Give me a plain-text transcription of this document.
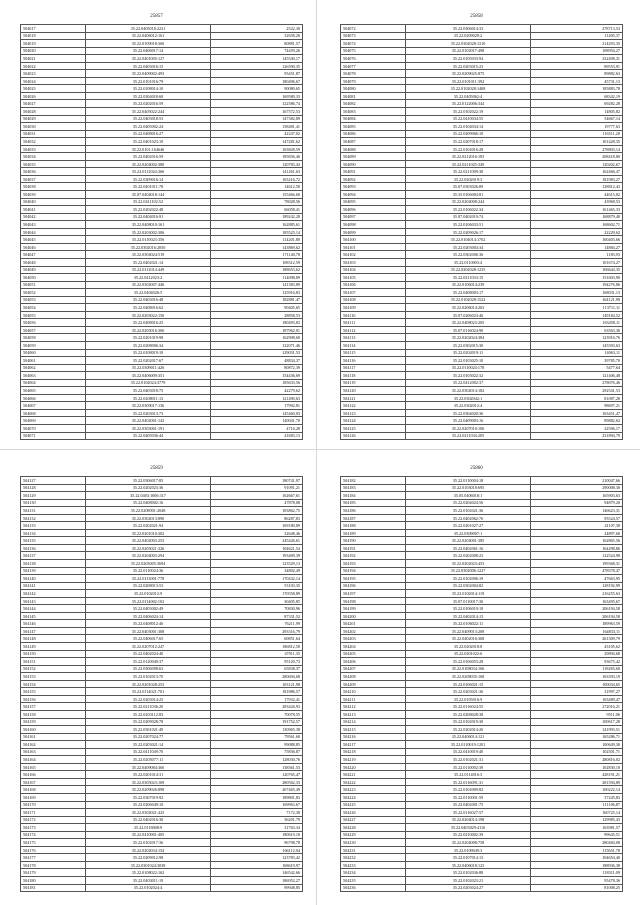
25857
504017	35.22.0405018:2221	2522,30
504018	35.22.0406012:161	32658,26
504019	35.22.0109018:360	80881,57
504020	35.22.0406017:14	74459,26
504021	35.22.0401005:127	145540,17
504022	35.22.0403016:15	126590,35
504023	35.22.0409002:493	95451,87
504024	35.22.0101016:79	180496,67
504025	35.22.0108014:10	90080,65
504026	35.22.0304018:60	169580,33
504027	35.22.0202016:59	122586,74
504028	35.22.0405022:244	167572,53
504029	35.22.0403018:53	147382,89
504030	35.22.0405002:24	158481,41
504031	35.22.0408016:27	42247,02
504032	35.22.0401023:10	147281,62
504033	35.22.0101:164646	165828,59
504034	35.22.0402016:59	185836,46
504035	35.22.0204002:380	120783,43
504036	35.22.0112024:366	141261,63
504037	35.22.0309016:14	165216,72
504038	35.22.0401011:78	14612,58
504039	35.07.0404018:144	155466,60
504040	35.22.0411102:52	78028,56
504041	35.22.0202022:48	66058,41
504042	35.22.0404016:91	189242,28
504043	35.22.0408010:161	162885,61
504044	35.22.0203002:306	185525,14
504045	35.22.0110023:356	114201,80
504046	35.22.0302016:2050	143869,62
504047	35.22.0304024:519	171140,78
504048	35.22.0402021:14	108312,59
504049	35.22.0112014:449	188653,62
504050	35.22.0412023:2	114098,89
504051	35.22.0302007:446	141383,89
504052	35.22.0404026:5	125916,83
504053	35.22.0403016:48	182881,47
504054	35.22.0408016:62	90405,65
504055	35.22.0203022:150	28858,53
504056	35.22.0408016:25	180493,83
504057	35.22.0205016:306	187962,01
504058	35.22.0201019:98	162908,60
504059	35.22.0208006:34	122071,46
504060	35.22.0108019:10	129031,53
504061	35.22.0202017:67	48834,37
504062	35.22.0309011:426	80872,39
504063	35.22.0406009:351	154436,69
504064	35.22.0102024:3779	185633,56
504065	35.22.0403018:75	42279,62
504066	35.22.0208011:13	121490,63
504067	35.22.0309017:136	17992,81
504068	35.22.0203013:73	145460,03
504069	35.22.0402001:143	140041,70
504070	35.22.0303001:191	4716,28
504071	35.22.0405036:44	41683,13
25858
504072	35.22.0306014:33	278713,53
504073	35.22.0209029:2	11405,37
504074	35.22.0302028:1310	214293,35
504075	35.22.0102017:498	108954,27
504076	35.22.0105033:94	232498,31
504077	35.22.0203015:23	89553,91
504078	35.22.0209025:875	89882,63
504079	35.22.0101011:392	45731,13
504080	35.22.0102028:1468	185883,78
504081	35.22.0405062:4	68342,19
504082	35.22.0122006:344	69282,28
504083	35.22.0102022:19	14805,82
504084	35.22.0410034:55	54667,14
504085	35.22.0104034:14	19777,63
504086	35.22.0209066:10	116511,20
504087	35.22.0207018:17	101428,35
504088	35.22.0102016:28	278803,14
504089	35.22.0212016:183	208418,80
504090	35.22.0211025:349	120202,67
504091	35.22.0211009:30	162466,47
504092	35.22.0202019:3	181983,27
504093	35.07.0303026:89	128812,43
504094	35.35.0106004:81	44615,02
504095	35.22.0204008:244	43968,53
504096	35.22.0106022:34	161465,33
504097	35.07.0402019:74	168879,40
504098	35.22.0106033:51	168602,71
504099	35.22.0209026:17	22229,62
504100	35.22.0104014:1702	160403,66
504101	35.22.0203004:34	14884,27
504102	35.22.0302006:36	1183,93
504103	35.22.0110003:4	101674,27
504104	35.22.0202028:1235	106644,35
504105	35.22.0211033:15	151603,90
504106	35.22.0106014:239	194276,86
504107	35.22.0408003:17	168031,13
504108	35.22.0102028:1522	164121,90
504109	35.22.0206014:263	113711,11
504110	35.07.0206023:46	149184,52
504111	35.22.0408023:205	163458,11
504112	35.07.0116024:90	63563,36
504113	35.22.0202024:384	123916,76
504114	35.22.0302015:30	145393,63
504115	35.22.0202019:11	14063,11
504116	35.22.0103025:10	39785,70
504117	35.22.0110024:178	5477,64
504118	35.22.0103022:32	121406,48
504119	35.22.0412002:37	278076,46
504120	35.22.0302014:182	292541,53
504121	35.22.0302042:1	81087,28
504122	35.22.0302012:4	98697,21
504123	35.22.0304020:36	163451,47
504124	35.22.0409003:16	89882,62
504125	35.22.0207010:106	22596,17
504126	35.22.0211034:205	231894,79
25859
504127	35.22.0306017:85	180741,97
504128	35.22.0202023:36	91091,21
504129	35.22.0403:1006:317	162667,61
504130	35.22.0408002:16	47878,08
504131	35.22.0208001:2048	183862,75
504132	35.22.0302013:890	86287,83
504133	35.22.0202021:94	169180,89
504134	35.22.0201010:302	32648,46
504135	35.22.0402003:253	245426,61
504136	35.22.0205021:326	104621,54
504137	35.22.0204003:294	193409,39
504138	35.22.0203005:3694	123529,13
504139	35.22.0110024:36	34802,49
504140	35.22.0113001:778	170432,14
504141	35.22.0208013:53	53103,35
504142	35.22.0102012:9	170558,89
504143	35.22.0114002:102	30405,85
504144	35.22.0403002:49	70830,96
504145	35.22.0406024:14	87331,52
504146	35.22.0408012:46	76211,99
504147	35.22.0403001:308	293316,79
504148	35.22.0406017:65	60851,64
504149	35.22.0207012:247	186812,58
504150	35.22.0402024:40	47911,35
504151	35.22.0120049:37	95120,73
504152	35.22.0306098:63	65838,37
504153	35.22.0102013:70	280694,68
504154	35.22.0201028:253	103121,98
504155	35.22.0114021:701	181886,57
504156	35.22.0203014:25	17932,41
504157	35.22.0211036:20	283426,93
504158	35.22.0203112:83	70078,55
504159	35.22.0209028:78	191752,57
504160	35.22.0301021:49	130965,38
504161	35.22.0207024:77	79561,60
504162	35.22.0203021:14	99088,85
504163	35.22.0411049:70	75836,87
504164	35.22.0205077:11	128030,76
504165	35.22.0409084:360	138361,53
504166	35.22.0201014:31	120765,47
504167	35.22.0305023:169	280562,33
504168	35.22.0209026:898	207465,49
504169	35.22.0307019:92	189801,83
504170	35.22.0206049:10	169963,67
504171	35.22.0302021:423	7172,38
504172	35.22.0402016:30	36201,79
504173	35.22.0118008:9	31763,34
504174	35.22.0410001:405	180619,18
504175	35.22.0102017:36	96798,78
504176	35.22.0202034:154	166112,04
504177	35.22.0209012:98	123783,42
504178	35.22.0301024:3038	168619,97
504179	35.22.0108022:162	146542,66
504180	35.22.0403011:19	186952,27
504181	35.22.0102024:4	99948,85
25860
504182	35.22.0110004:18	210047,66
504183	35.22.0103018:695	290008,30
504184	35.05.0406018:1	165903,63
504185	35.22.0204024:56	94879,20
504186	35.22.0102021:36	146623,31
504187	35.22.0402062:76	95524,57
504188	35.22.0201027:27	41107,38
504189	35.22.0309007:1	24897,60
504190	35.22.0204001:385	162865,56
504191	35.22.0402061:16	164298,86
504192	35.22.0202008:23	122524,98
504193	35.22.0202023:453	199368,31
504194	35.22.0302006:1227	478578,47
504195	35.22.0102006:19	47663,95
504196	35.22.0302004:82	128192,99
504197	35.22.0102014:119	216255,63
504198	35.07.0110017:30	163495,67
504199	35.22.0106019:18	206194,58
504200	35.22.0402014:15	206194,58
504201	35.22.0106022:11	189963,59
504202	35.22.0409013:208	164833,11
504203	35.22.0402016:368	261309,79
504204	35.22.0202018:8	43105,62
504205	35.22.0201022:6	29894,68
504206	35.22.0106053:28	93675,42
504207	35.22.0108034:166	118265,60
504208	35.22.0208035:168	163393,19
504209	35.22.0106021:15	100034,65
504210	35.22.0203021:36	31997,27
504211	35.22.0105016:9	165489,47
504212	35.22.0116024:55	272016,21
504213	35.22.0208028:38	9511,06
504214	35.22.0102019:30	100617,28
504215	35.22.0202014:26	141993,51
504216	35.22.0406014:121	165286,71
504217	35.22.0110019:1201	100649,30
504218	35.22.0410019:40	102501,71
504219	35.22.0102021:31	280816,02
504220	35.22.0110002:39	102830,10
504221	35.22.0114016:3	428191,21
504222	35.22.0116091:31	281594,89
504223	35.22.0102009:82	100222,14
504224	35.22.0110001:59	37245,83
504225	35.22.0402001:75	111106,87
504226	35.22.0116027:57	160725,14
504227	35.22.0204014:198	129985,43
504228	35.22.0403029:4116	163981,57
504229	35.22.0210002:39	99645,51
504230	35.22.0204008:758	280484,08
504231	35.22.0109049:3	115651,78
504232	35.22.0107014:13	104654,40
504233	35.22.0406018:123	188936,38
504234	35.22.0102036:88	118311,09
504235	35.22.0102023:21	95478,36
504236	35.22.0203024:27	81008,25
